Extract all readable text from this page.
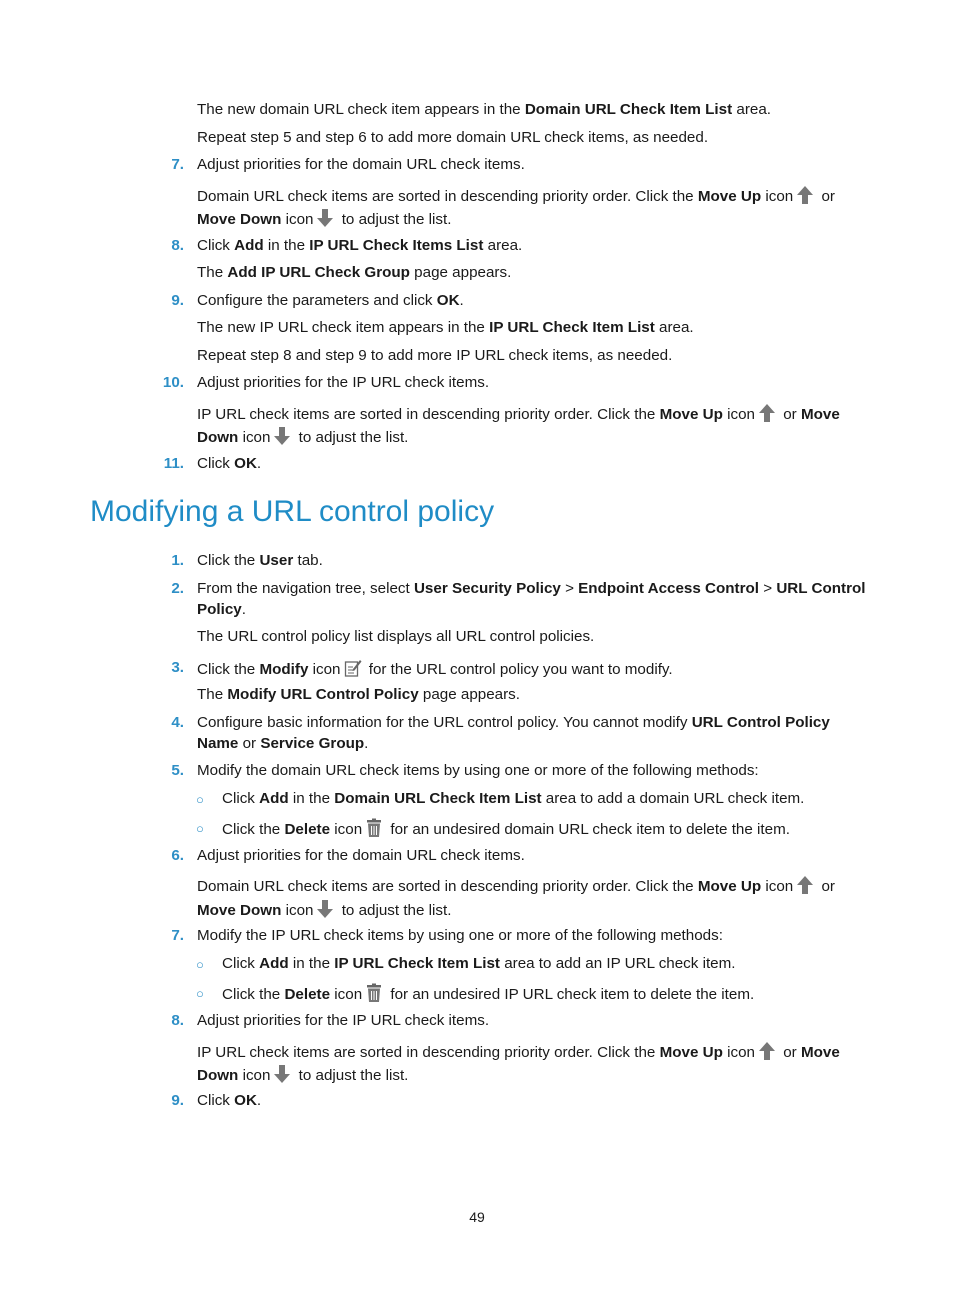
The new domain URL check item appears in the Domain URL Check Item List area.
Repeat step 5 and step 6 to add more domain URL check items, as needed.
7. Adjust priorities for the domain URL check items.
Domain URL check items are sorted in descending priority order. Click the Move Up icon
or
Move Down icon
to adjust the list.
8. Click Add in the IP URL Check Items List area.
The Add IP URL Check Group page appears.
9. Configure the parameters and click OK.
The new IP URL check item appears in the IP URL Check Item List area.
Repeat step 8 and step 9 to add more IP URL check items, as needed.
10. Adjust priorities for the IP URL check items.
IP URL check items are sorted in descending priority order. Click the Move Up icon
or Move
Down icon
to adjust the list.
11. Click OK.
Modifying a URL control policy
1. Click the User tab.
2. From the navigation tree, select User Security Policy > Endpoint Access Control > URL Control
Policy.
The URL control policy list displays all URL control policies.
3. Click the Modify icon
for the URL control policy you want to modify.
The Modify URL Control Policy page appears.
4. Configure basic information for the URL control policy. You cannot modify URL Control Policy
Name or Service Group.
5. Modify the domain URL check items by using one or more of the following methods:
○ Click Add in the Domain URL Check Item List area to add a domain URL check item.
○ Click the Delete icon
for an undesired domain URL check item to delete the item.
6. Adjust priorities for the domain URL check items.
Domain URL check items are sorted in descending priority order. Click the Move Up icon
or
Move Down icon
to adjust the list.
7. Modify the IP URL check items by using one or more of the following methods:
○ Click Add in the IP URL Check Item List area to add an IP URL check item.
○ Click the Delete icon
for an undesired IP URL check item to delete the item.
8. Adjust priorities for the IP URL check items.
IP URL check items are sorted in descending priority order. Click the Move Up icon
or Move
Down icon
to adjust the list.
9. Click OK.
49
